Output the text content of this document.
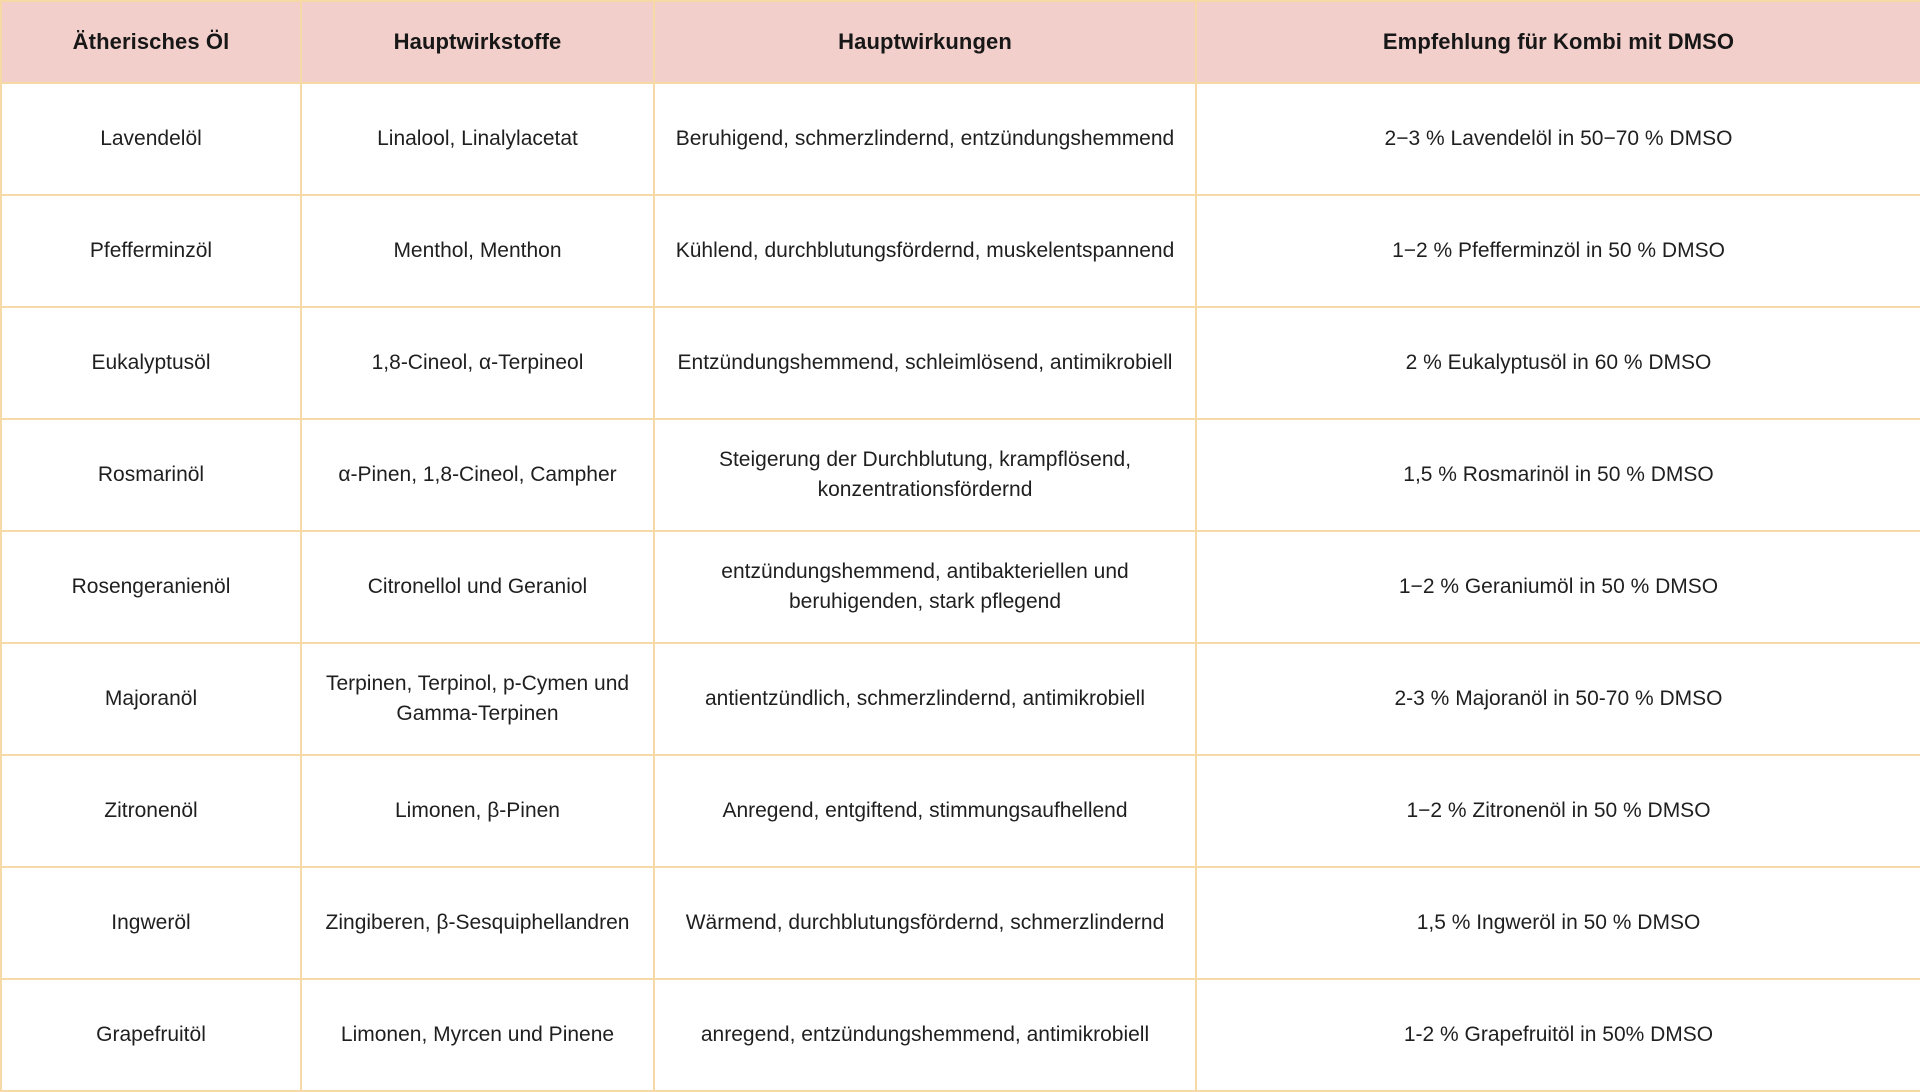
Ätherisches Öl	Hauptwirkstoffe	Hauptwirkungen	Empfehlung für Kombi mit DMSO
Lavendelöl	Linalool, Linalylacetat	Beruhigend, schmerzlindernd, entzündungshemmend	2−3 % Lavendelöl in 50−70 % DMSO
Pfefferminzöl	Menthol, Menthon	Kühlend, durchblutungsfördernd, muskelentspannend	1−2 % Pfefferminzöl in 50 % DMSO
Eukalyptusöl	1,8-Cineol, α-Terpineol	Entzündungshemmend, schleimlösend, antimikrobiell	2 % Eukalyptusöl in 60 % DMSO
Rosmarinöl	α-Pinen, 1,8-Cineol, Campher	Steigerung der Durchblutung, krampflösend, konzentrationsfördernd	1,5 % Rosmarinöl in 50 % DMSO
Rosengeranienöl	Citronellol und Geraniol	entzündungshemmend, antibakteriellen und beruhigenden, stark pflegend	1−2 % Geraniumöl in 50 % DMSO
Majoranöl	Terpinen, Terpinol, p-Cymen und Gamma-Terpinen	antientzündlich, schmerzlindernd, antimikrobiell	2-3 % Majoranöl in 50-70 % DMSO
Zitronenöl	Limonen, β-Pinen	Anregend, entgiftend, stimmungsaufhellend	1−2 % Zitronenöl in 50 % DMSO
Ingweröl	Zingiberen, β-Sesquiphellandren	Wärmend, durchblutungsfördernd, schmerzlindernd	1,5 % Ingweröl in 50 % DMSO
Grapefruitöl	Limonen, Myrcen und Pinene	anregend, entzündungshemmend, antimikrobiell	1-2 % Grapefruitöl in 50% DMSO
